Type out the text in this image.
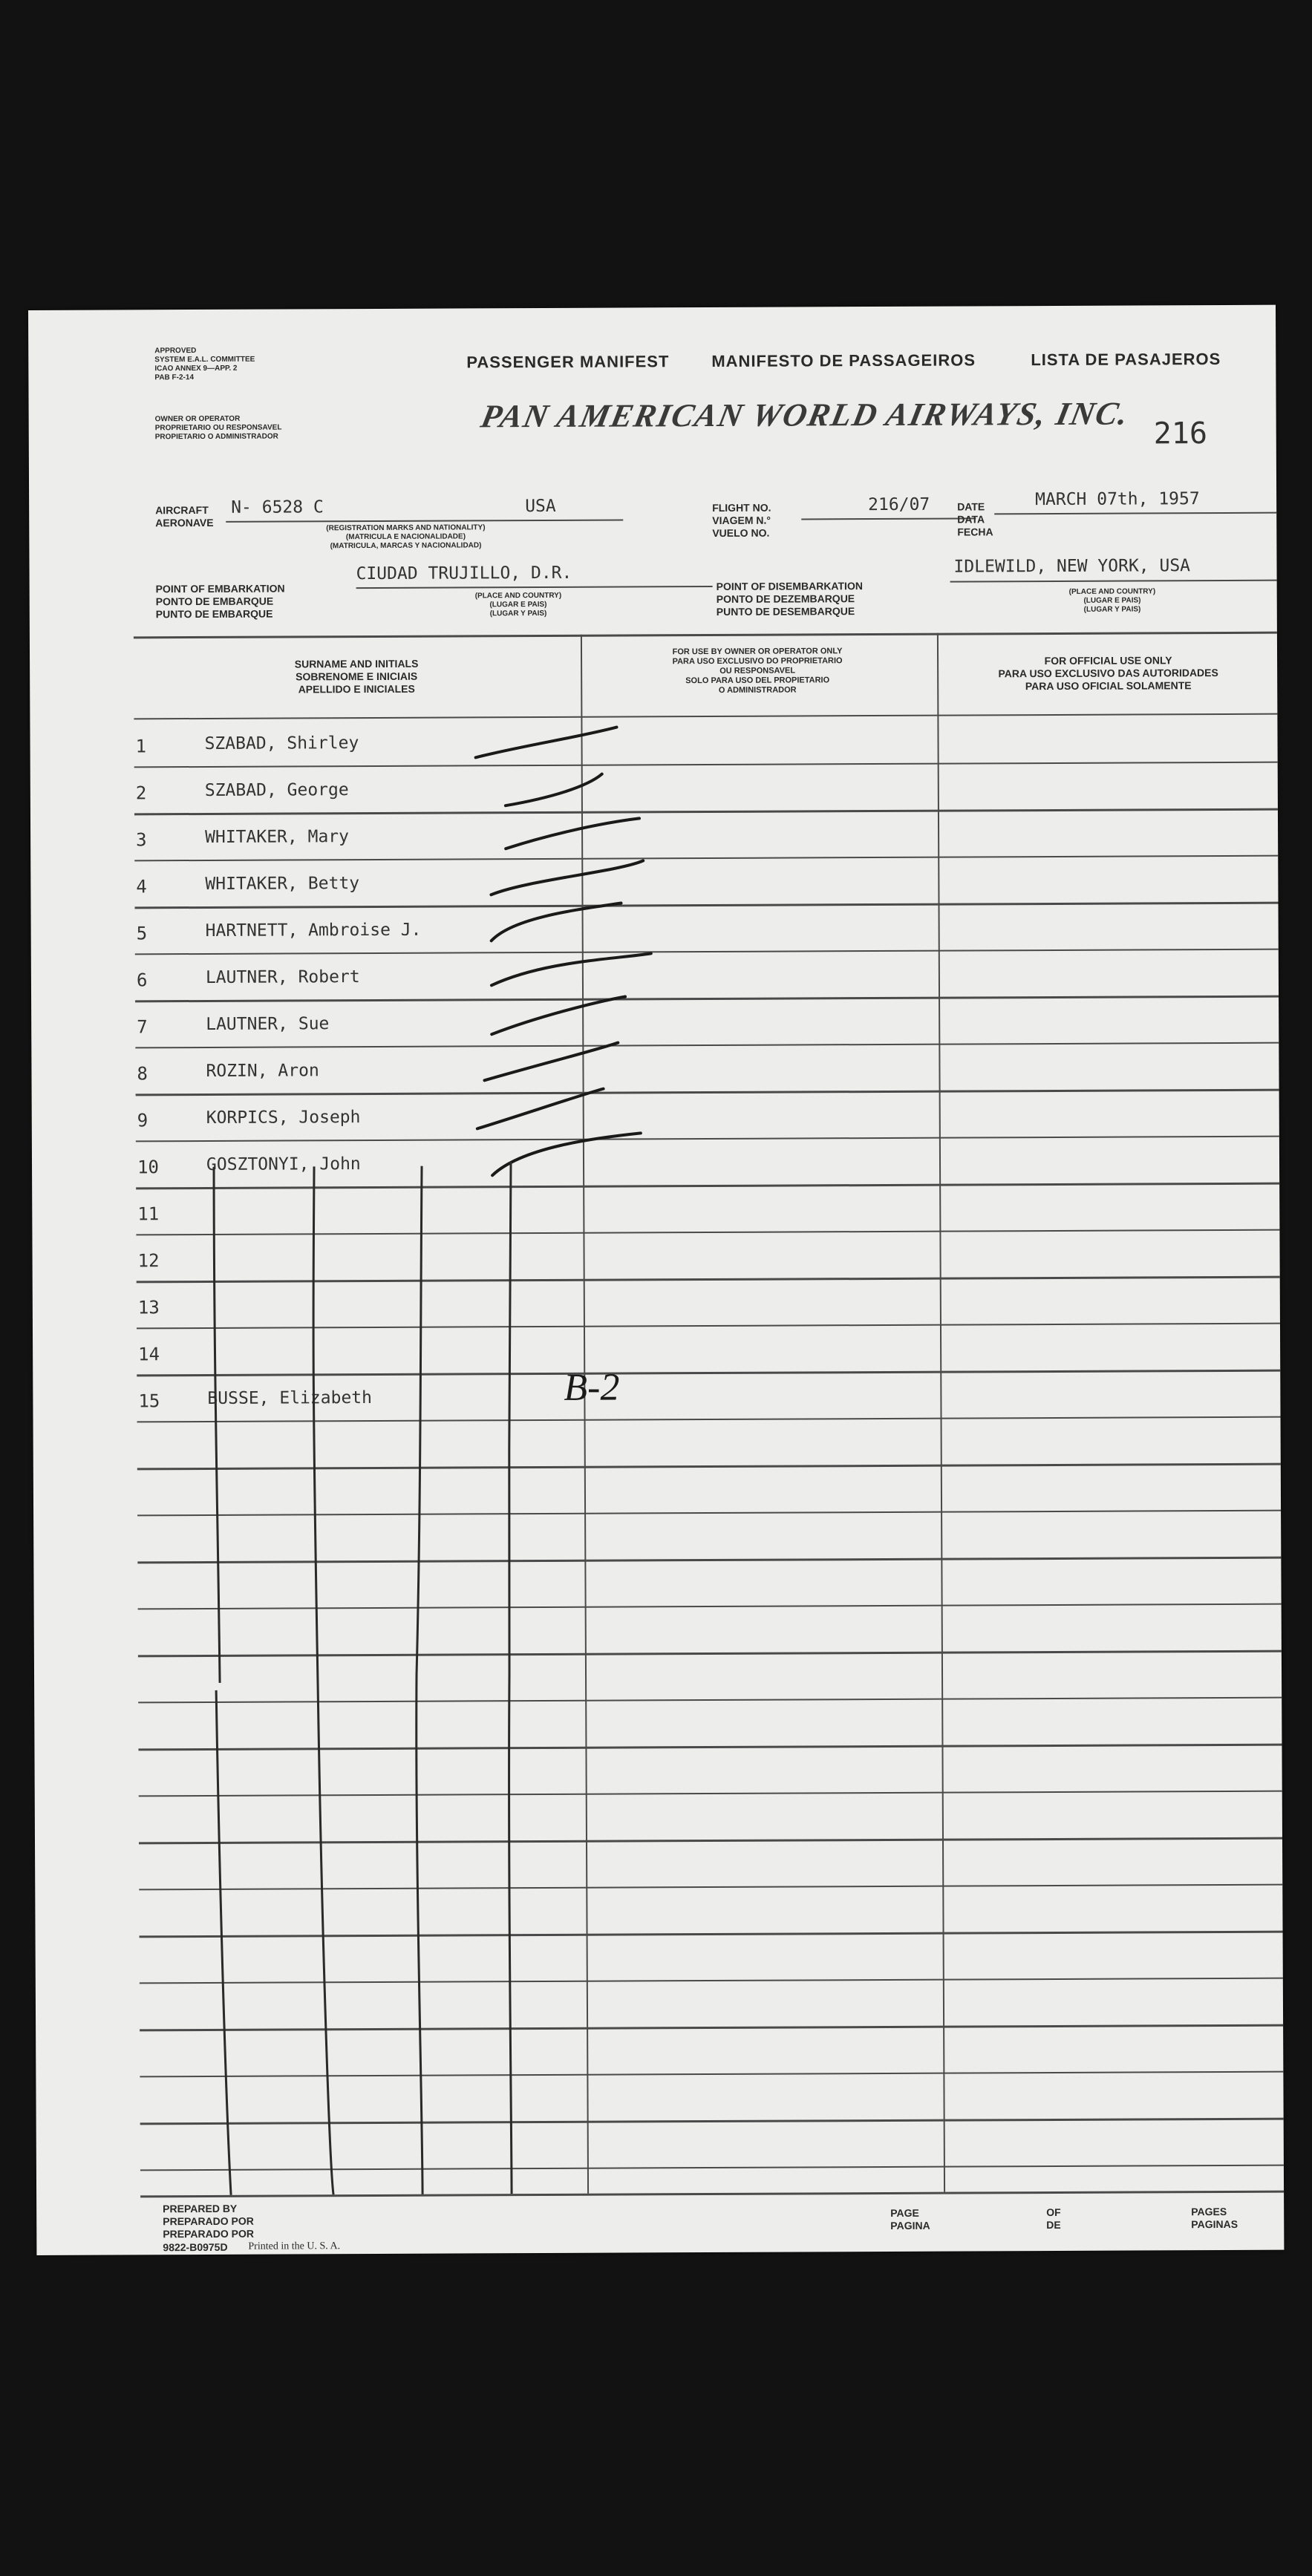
APPROVED
SYSTEM E.A.L. COMMITTEE
ICAO ANNEX 9—APP. 2
PAB F-2-14
OWNER OR OPERATOR
PROPRIETARIO OU RESPONSAVEL
PROPIETARIO O ADMINISTRADOR
PASSENGER MANIFEST	MANIFESTO DE PASSAGEIROS	LISTA DE PASAJEROS
PAN AMERICAN WORLD AIRWAYS, INC. 216
AIRCRAFT
AERONAVE
N- 6528 C	USA
(REGISTRATION MARKS AND NATIONALITY)
(MATRICULA E NACIONALIDADE)
(MATRICULA, MARCAS Y NACIONALIDAD)
FLIGHT NO.
VIAGEM N.°
VUELO NO.
216/07	DATE
DATA
FECHA
MARCH 07th, 1957
POINT OF EMBARKATION
PONTO DE EMBARQUE
PUNTO DE EMBARQUE
CIUDAD TRUJILLO, D.R.
(PLACE AND COUNTRY)
(LUGAR E PAIS)
(LUGAR Y PAIS)
POINT OF DISEMBARKATION
PONTO DE DEZEMBARQUE
PUNTO DE DESEMBARQUE
IDLEWILD, NEW YORK, USA
(PLACE AND COUNTRY)
(LUGAR E PAIS)
(LUGAR Y PAIS)
SURNAME AND INITIALS
SOBRENOME E INICIAIS
APELLIDO E INICIALES
FOR USE BY OWNER OR OPERATOR ONLY
PARA USO EXCLUSIVO DO PROPRIETARIO
OU RESPONSAVEL
SOLO PARA USO DEL PROPIETARIO
O ADMINISTRADOR
FOR OFFICIAL USE ONLY
PARA USO EXCLUSIVO DAS AUTORIDADES
PARA USO OFICIAL SOLAMENTE
1	SZABAD, Shirley
2	SZABAD, George
3	WHITAKER, Mary
4	WHITAKER, Betty
5	HARTNETT, Ambroise J.
6	LAUTNER, Robert
7	LAUTNER, Sue
8	ROZIN, Aron
9	KORPICS, Joseph
10	GOSZTONYI, John
11
12
13
14
15	BUSSE, Elizabeth
PREPARED BY
PREPARADO POR
PREPARADO POR
9822-B0975D Printed in the U. S. A.
PAGE
PAGINA
OF
DE
PAGES
PAGINAS
B-2
